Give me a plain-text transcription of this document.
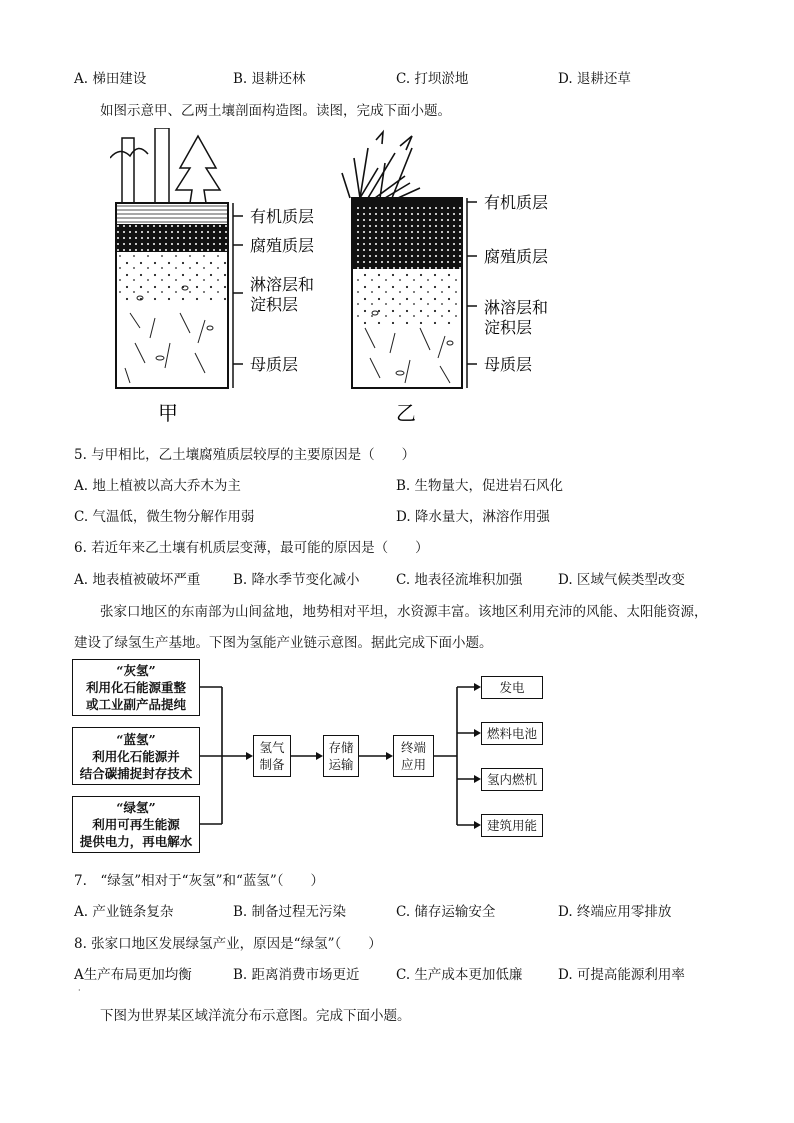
A. 梯田建设	B. 退耕还林	C. 打坝淤地	D. 退耕还草
如图示意甲、乙两土壤剖面构造图。读图，完成下面小题。
有机质层
腐殖质层
淋溶层和
淀积层
母质层
有机质层
腐殖质层
淋溶层和
淀积层
母质层
甲	乙
5. 与甲相比，乙土壤腐殖质层较厚的主要原因是（　　）
A. 地上植被以高大乔木为主	B. 生物量大，促进岩石风化
C. 气温低，微生物分解作用弱	D. 降水量大，淋溶作用强
6. 若近年来乙土壤有机质层变薄，最可能的原因是（　　）
A. 地表植被破坏严重 B. 降水季节变化减小	C. 地表径流堆积加强	D. 区域气候类型改变
张家口地区的东南部为山间盆地，地势相对平坦，水资源丰富。该地区利用充沛的风能、太阳能资源，
建设了绿氢生产基地。下图为氢能产业链示意图。据此完成下面小题。
“灰氢”
利用化石能源重整
或工业副产品提纯
“蓝氢”
利用化石能源并
结合碳捕捉封存技术
“绿氢”
利用可再生能源
提供电力，再电解水
氢气
制备
存储
运输
终端
应用
发电
燃料电池
氢内燃机
建筑用能
7.　“绿氢”相对于“灰氢”和“蓝氢”（　　）
A. 产业链条复杂	B. 制备过程无污染	C. 储存运输安全	D. 终端应用零排放
8. 张家口地区发展绿氢产业，原因是“绿氢”（　　）
A生产布局更加均衡	B. 距离消费市场更近	C. 生产成本更加低廉	D. 可提高能源利用率
·
下图为世界某区域洋流分布示意图。完成下面小题。
